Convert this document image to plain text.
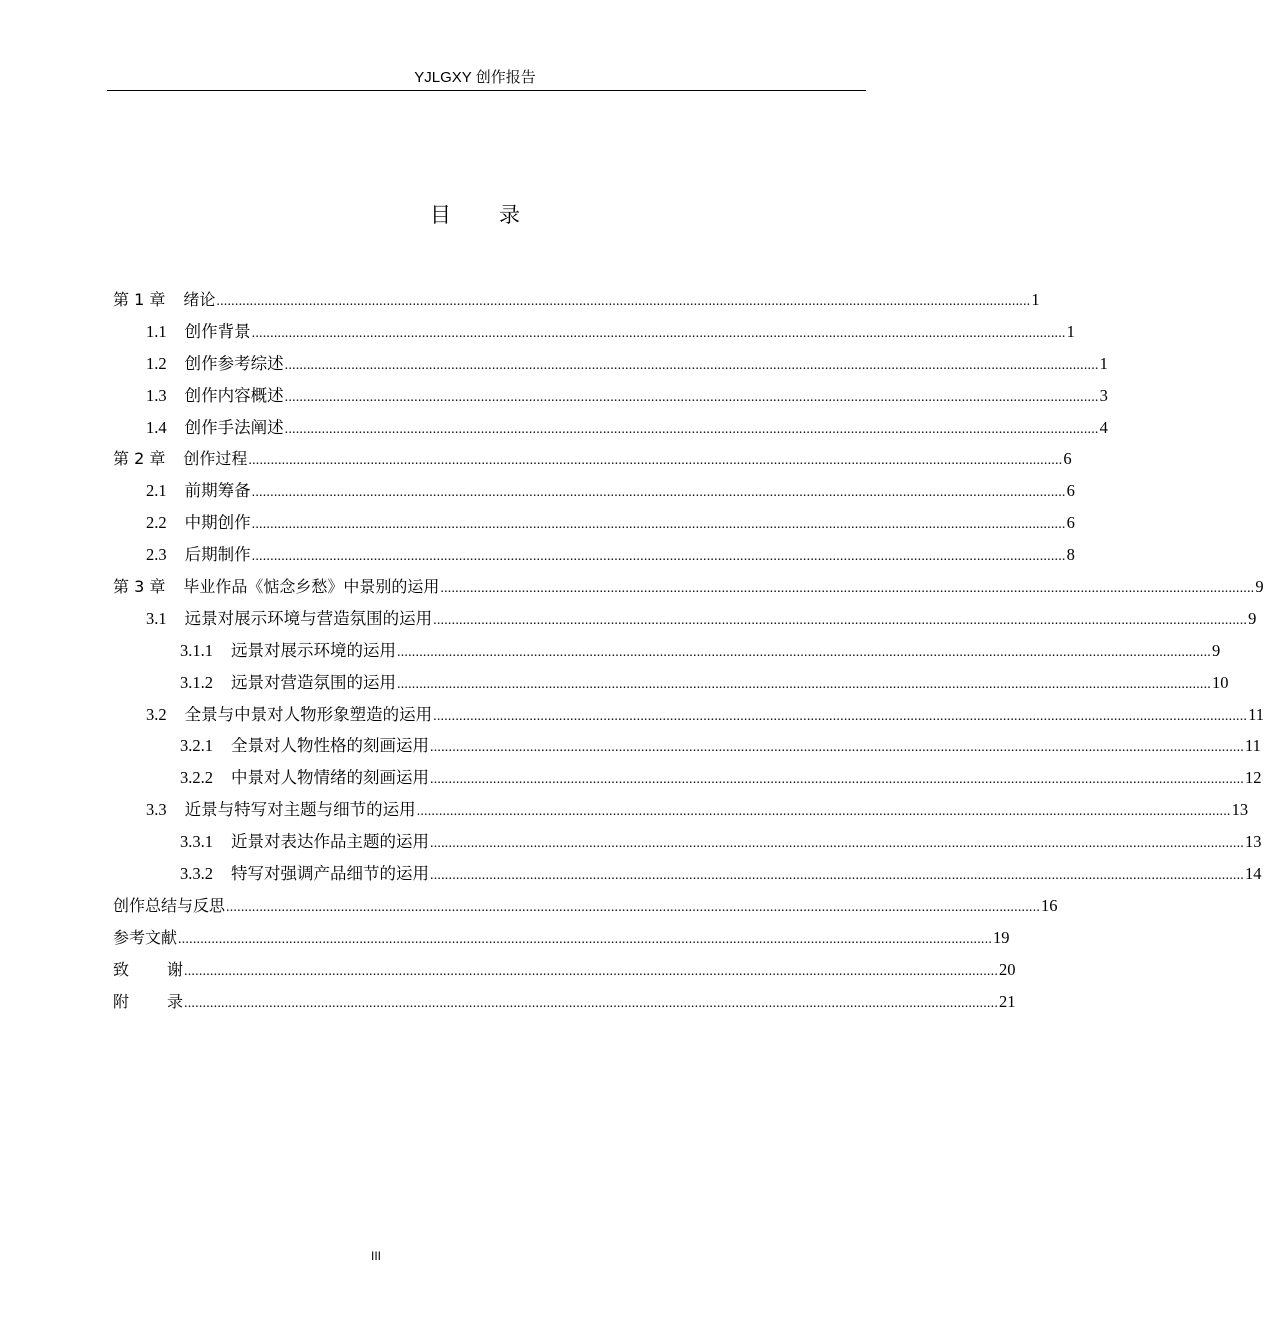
YJLGXY 创作报告
目录
第 1 章 绪论 ............................................................................................................................................................................................................................ 1
1.1 创作背景 ............................................................................................................................................................................................................................ 1
1.2 创作参考综述 ............................................................................................................................................................................................................................ 1
1.3 创作内容概述 ............................................................................................................................................................................................................................ 3
1.4 创作手法阐述 ............................................................................................................................................................................................................................ 4
第 2 章 创作过程 ............................................................................................................................................................................................................................ 6
2.1 前期筹备 ............................................................................................................................................................................................................................ 6
2.2 中期创作 ............................................................................................................................................................................................................................ 6
2.3 后期制作 ............................................................................................................................................................................................................................ 8
第 3 章 毕业作品《惦念乡愁》中景别的运用 ............................................................................................................................................................................................................................ 9
3.1 远景对展示环境与营造氛围的运用 ............................................................................................................................................................................................................................ 9
3.1.1 远景对展示环境的运用 ............................................................................................................................................................................................................................ 9
3.1.2 远景对营造氛围的运用 ............................................................................................................................................................................................................................ 10
3.2 全景与中景对人物形象塑造的运用 ............................................................................................................................................................................................................................ 11
3.2.1 全景对人物性格的刻画运用 ............................................................................................................................................................................................................................ 11
3.2.2 中景对人物情绪的刻画运用 ............................................................................................................................................................................................................................ 12
3.3 近景与特写对主题与细节的运用 ............................................................................................................................................................................................................................ 13
3.3.1 近景对表达作品主题的运用 ............................................................................................................................................................................................................................ 13
3.3.2 特写对强调产品细节的运用 ............................................................................................................................................................................................................................ 14
创作总结与反思 ............................................................................................................................................................................................................................ 16
参考文献 ............................................................................................................................................................................................................................ 19
致谢
............................................................................................................................................................................................................................ 20
附录
............................................................................................................................................................................................................................ 21
III
